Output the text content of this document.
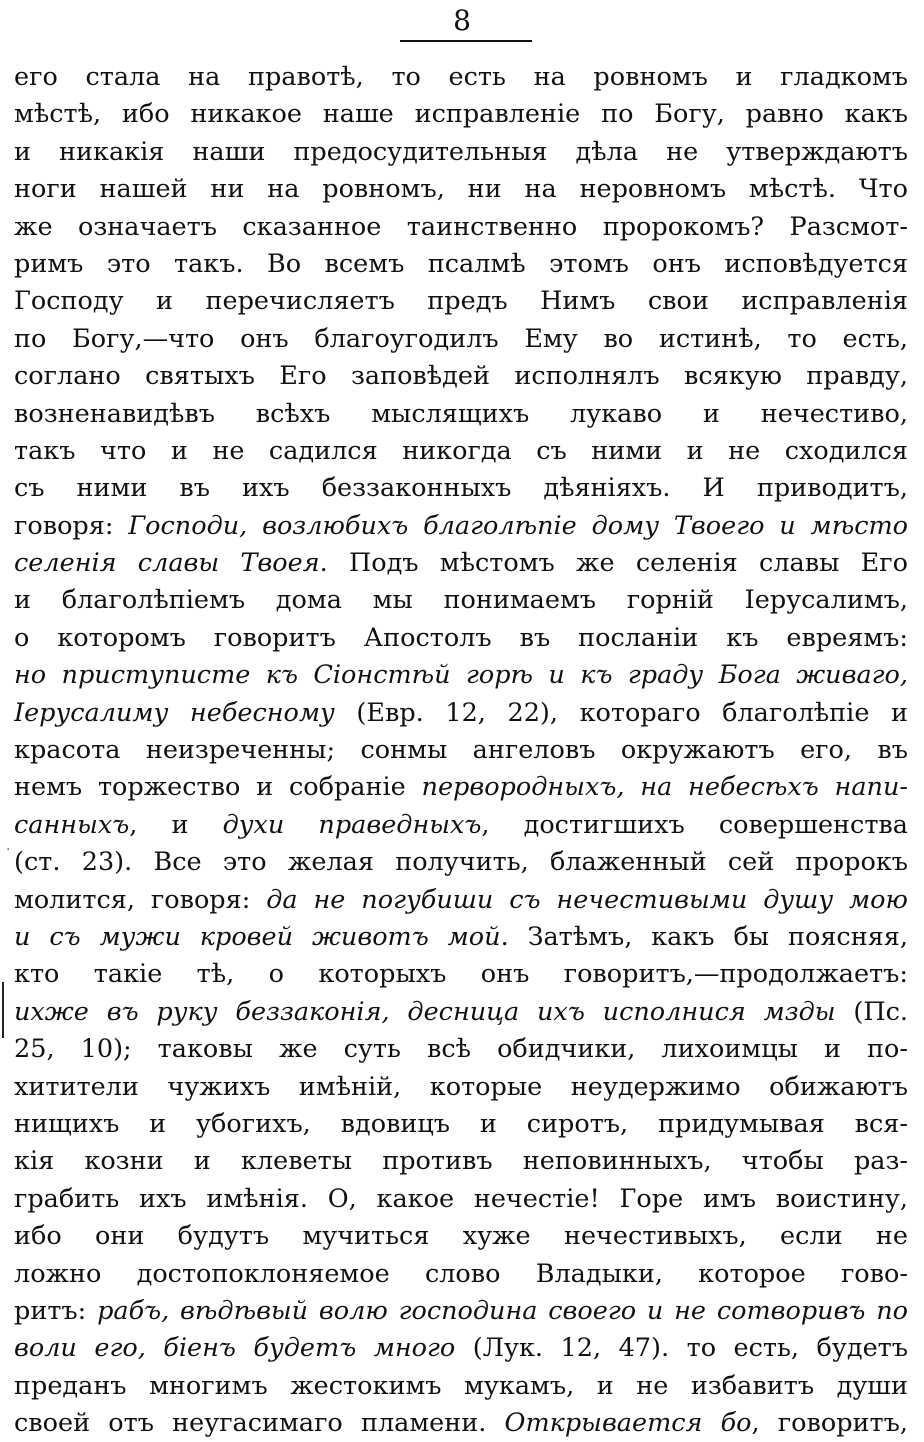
8
·
его стала на правотѣ, то есть на ровномъ и гладкомъ
мѣстѣ, ибо никакое наше исправленіе по Богу, равно какъ
и никакія наши предосудительныя дѣла не утверждаютъ
ноги нашей ни на ровномъ, ни на неровномъ мѣстѣ. Что
же означаетъ сказанное таинственно пророкомъ? Разсмот-
римъ это такъ. Во всемъ псалмѣ этомъ онъ исповѣдуется
Господу и перечисляетъ предъ Нимъ свои исправленія
по Богу,—что онъ благоугодилъ Ему во истинѣ, то есть,
соглано святыхъ Его заповѣдей исполнялъ всякую правду,
возненавидѣвъ всѣхъ мыслящихъ лукаво и нечестиво,
такъ что и не садился никогда съ ними и не сходился
съ ними въ ихъ беззаконныхъ дѣяніяхъ. И приводитъ,
говоря: Господи, возлюбихъ благолѣпіе дому Твоего и мѣсто
селенія славы Твоея. Подъ мѣстомъ же селенія славы Его
и благолѣпіемъ дома мы понимаемъ горній Іерусалимъ,
о которомъ говоритъ Апостолъ въ посланіи къ евреямъ:
но приступисте къ Сіонстѣй горѣ и къ граду Бога живаго,
Іерусалиму небесному (Евр. 12, 22), котораго благолѣпіе и
красота неизреченны; сонмы ангеловъ окружаютъ его, въ
немъ торжество и собраніе первородныхъ, на небесѣхъ напи-
санныхъ, и духи праведныхъ, достигшихъ совершенства
(ст. 23). Все это желая получить, блаженный сей пророкъ
молится, говоря: да не погубиши съ нечестивыми душу мою
и съ мужи кровей животъ мой. Затѣмъ, какъ бы поясняя,
кто такіе тѣ, о которыхъ онъ говоритъ,—продолжаетъ:
ихже въ руку беззаконія, десница ихъ исполнися мзды (Пс.
25, 10); таковы же суть всѣ обидчики, лихоимцы и по-
хитители чужихъ имѣній, которые неудержимо обижаютъ
нищихъ и убогихъ, вдовицъ и сиротъ, придумывая вся-
кія козни и клеветы противъ неповинныхъ, чтобы раз-
грабить ихъ имѣнія. О, какое нечестіе! Горе имъ воистину,
ибо они будутъ мучиться хуже нечестивыхъ, если не
ложно достопоклоняемое слово Владыки, которое гово-
ритъ: рабъ, вѣдѣвый волю господина своего и не сотворивъ по
воли его, біенъ будетъ много (Лук. 12, 47). то есть, будетъ
преданъ многимъ жестокимъ мукамъ, и не избавитъ души
своей отъ неугасимаго пламени. Открывается бо, говоритъ,
